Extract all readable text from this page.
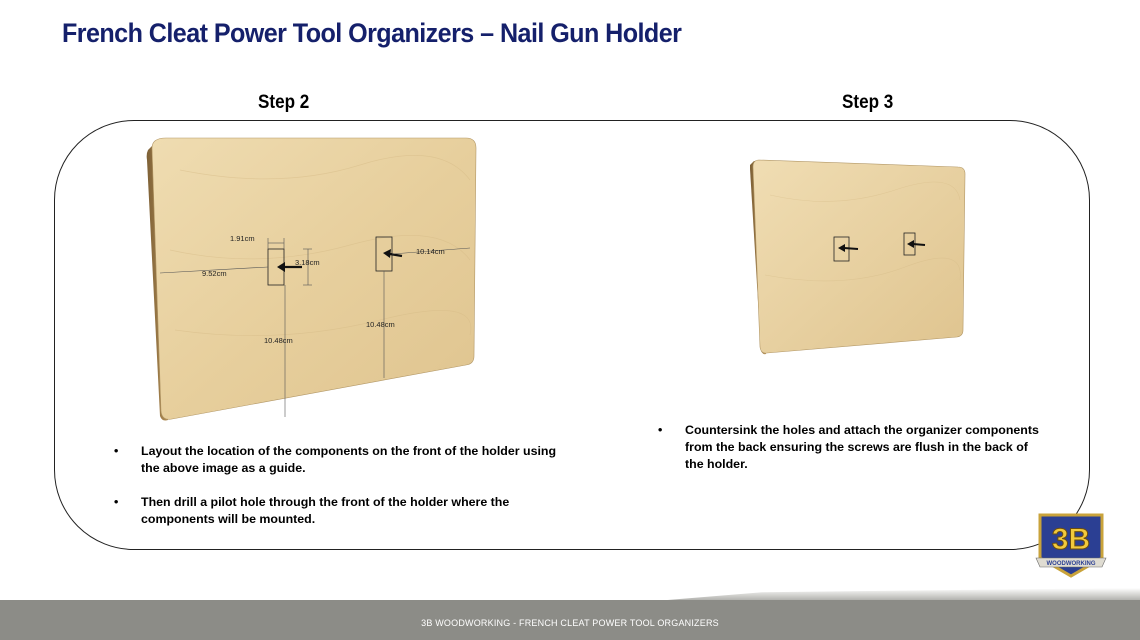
French Cleat Power Tool Organizers – Nail Gun Holder
Step 2	Step 3
1.91cm
3.18cm
9.52cm
10.14cm
10.48cm
10.48cm
• Layout the location of the components on the front of the holder using the above image as a guide.
• Then drill a pilot hole through the front of the holder where the components will be mounted.
• Countersink the holes and attach the organizer components from the back ensuring the screws are flush in the back of the holder.
3B
WOODWORKING
3B WOODWORKING - FRENCH CLEAT POWER TOOL ORGANIZERS
